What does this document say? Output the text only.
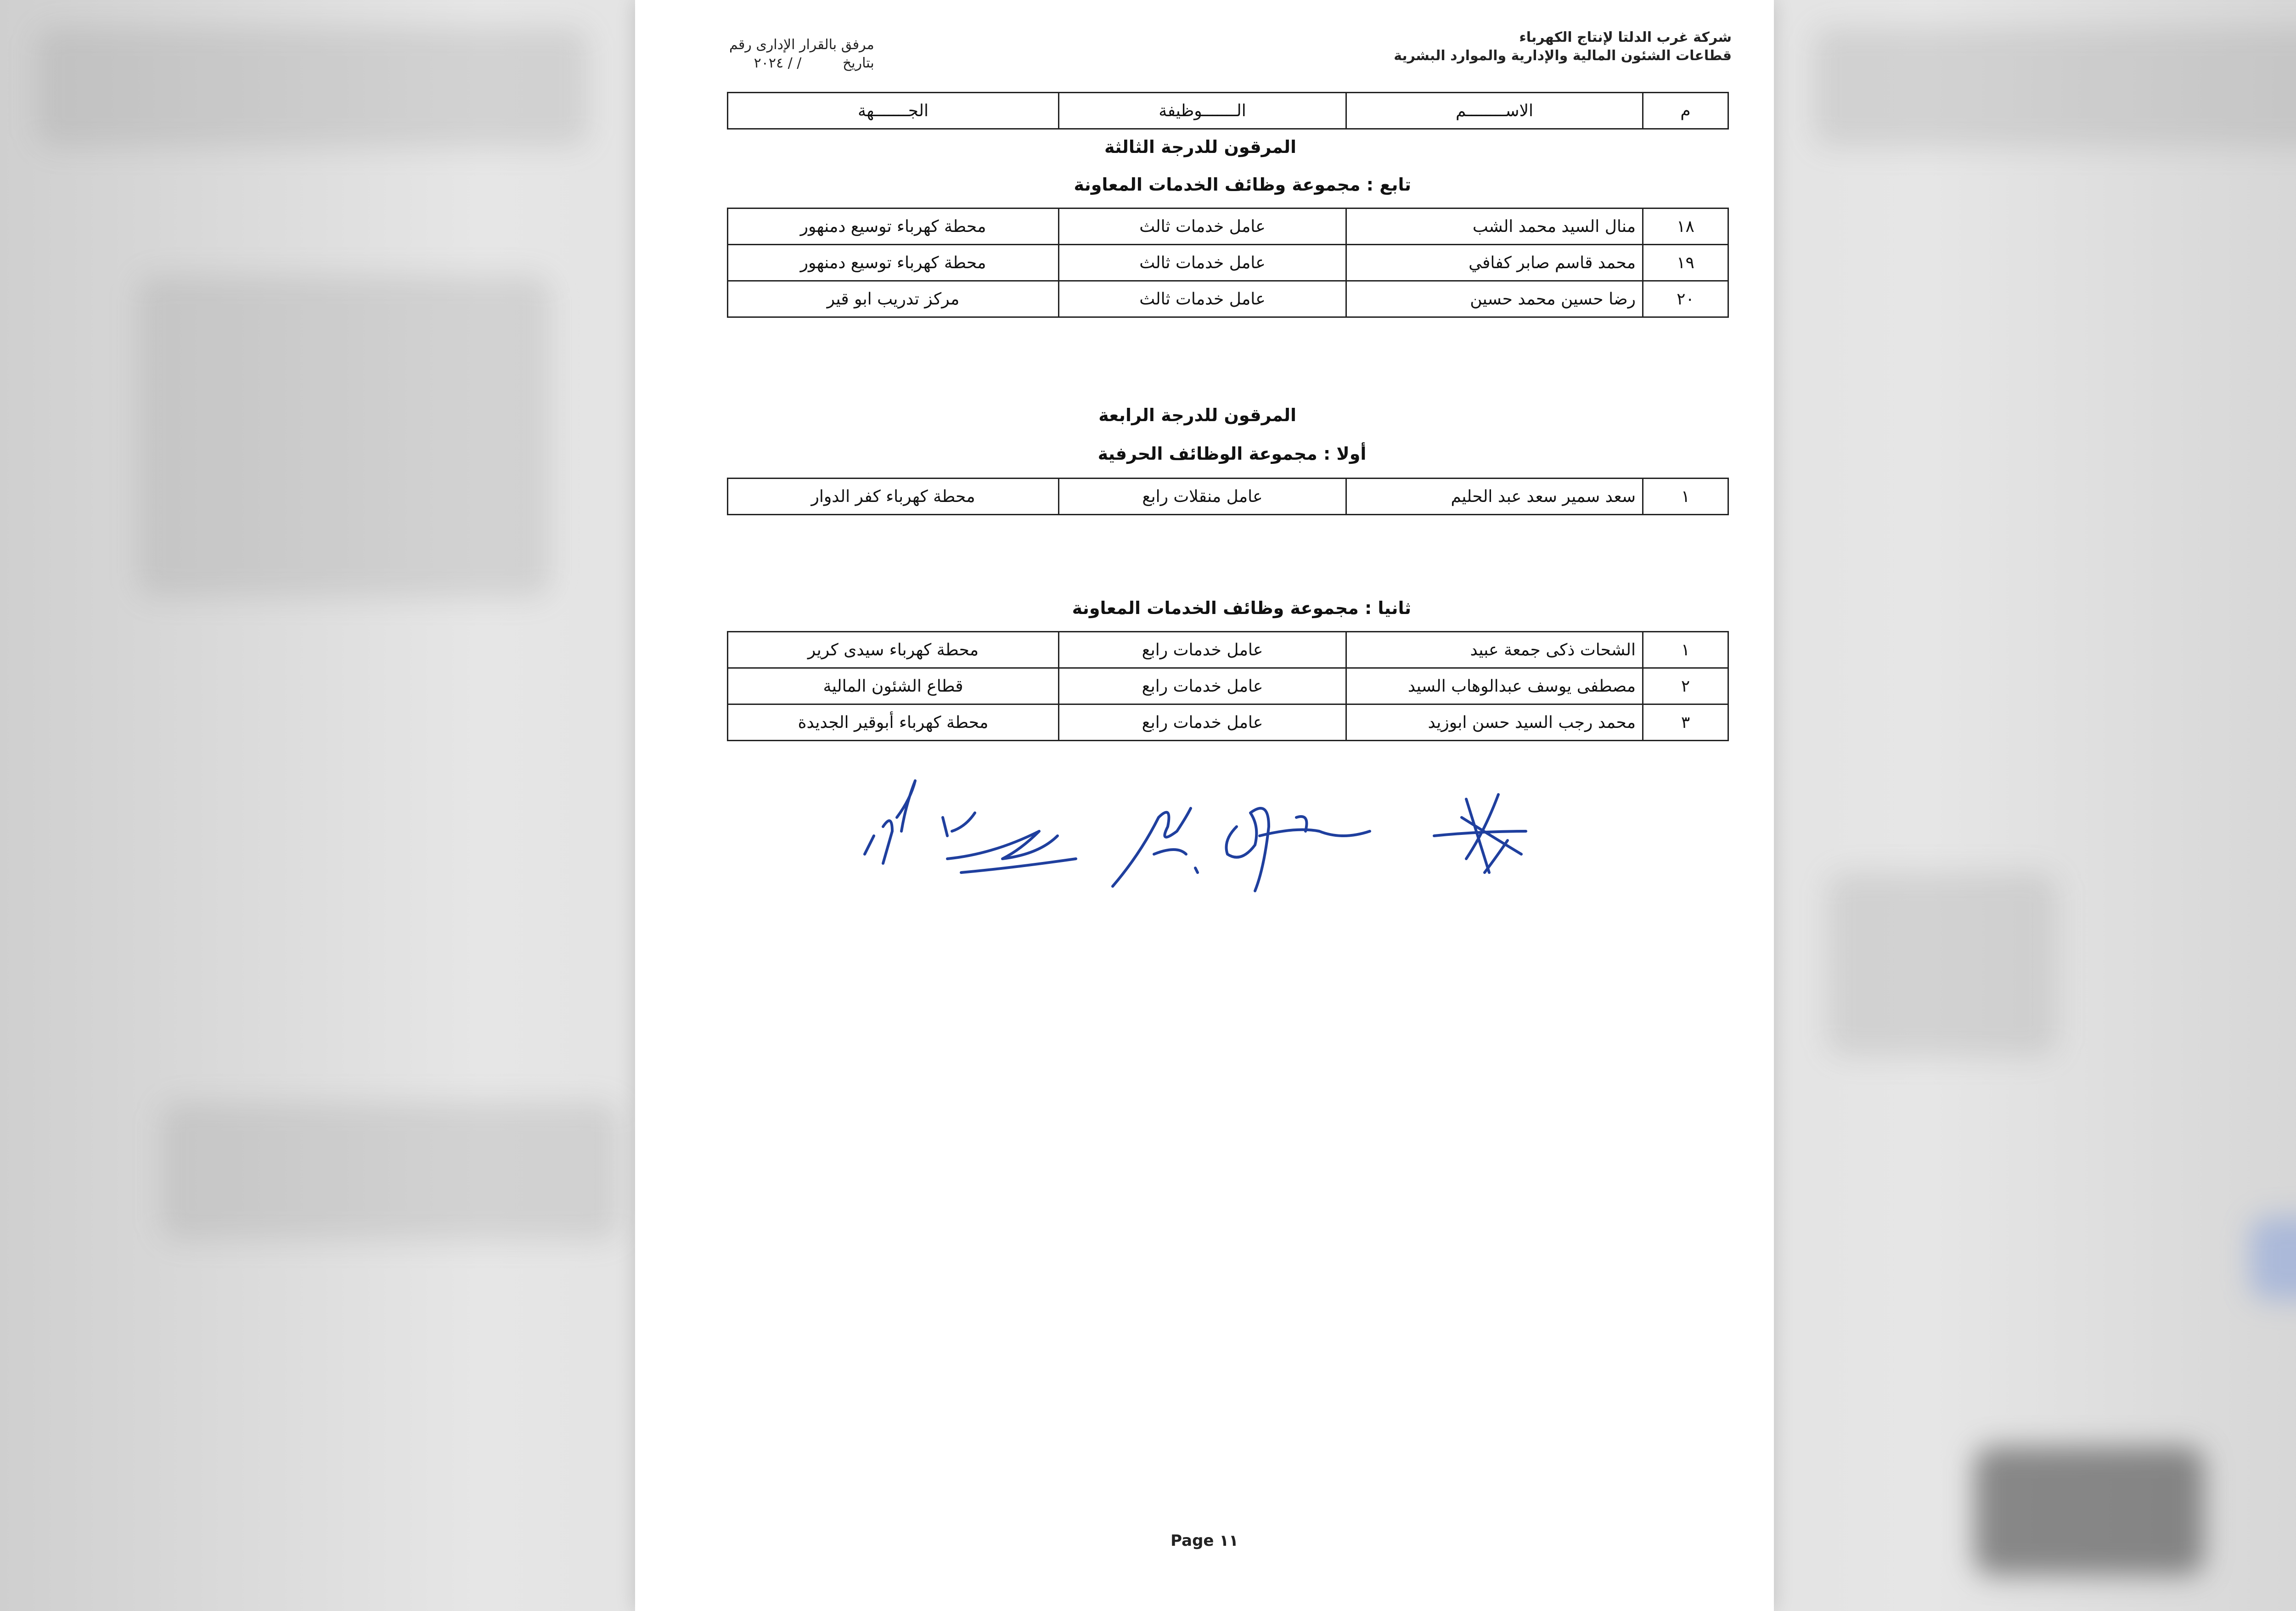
شركة غرب الدلتا لإنتاج الكهرباء
قطاعات الشئون المالية والإدارية والموارد البشرية
مرفق بالقرار الإدارى رقم
بتاريخ / / ٢٠٢٤
م	الاســــــــم	الـــــــوظيفة	الجـــــــهة
المرقون للدرجة الثالثة
تابع : مجموعة وظائف الخدمات المعاونة
١٨	منال السيد محمد الشب	عامل خدمات ثالث	محطة كهرباء توسيع دمنهور
١٩	محمد قاسم صابر كفافي	عامل خدمات ثالث	محطة كهرباء توسيع دمنهور
٢٠	رضا حسين محمد حسين	عامل خدمات ثالث	مركز تدريب ابو قير
المرقون للدرجة الرابعة
أولا : مجموعة الوظائف الحرفية
١	سعد سمير سعد عبد الحليم	عامل منقلات رابع	محطة كهرباء كفر الدوار
ثانيا : مجموعة وظائف الخدمات المعاونة
١	الشحات ذكى جمعة عبيد	عامل خدمات رابع	محطة كهرباء سيدى كرير
٢	مصطفى يوسف عبدالوهاب السيد	عامل خدمات رابع	قطاع الشئون المالية
٣	محمد رجب السيد حسن ابوزيد	عامل خدمات رابع	محطة كهرباء أبوقير الجديدة
Page ١١
